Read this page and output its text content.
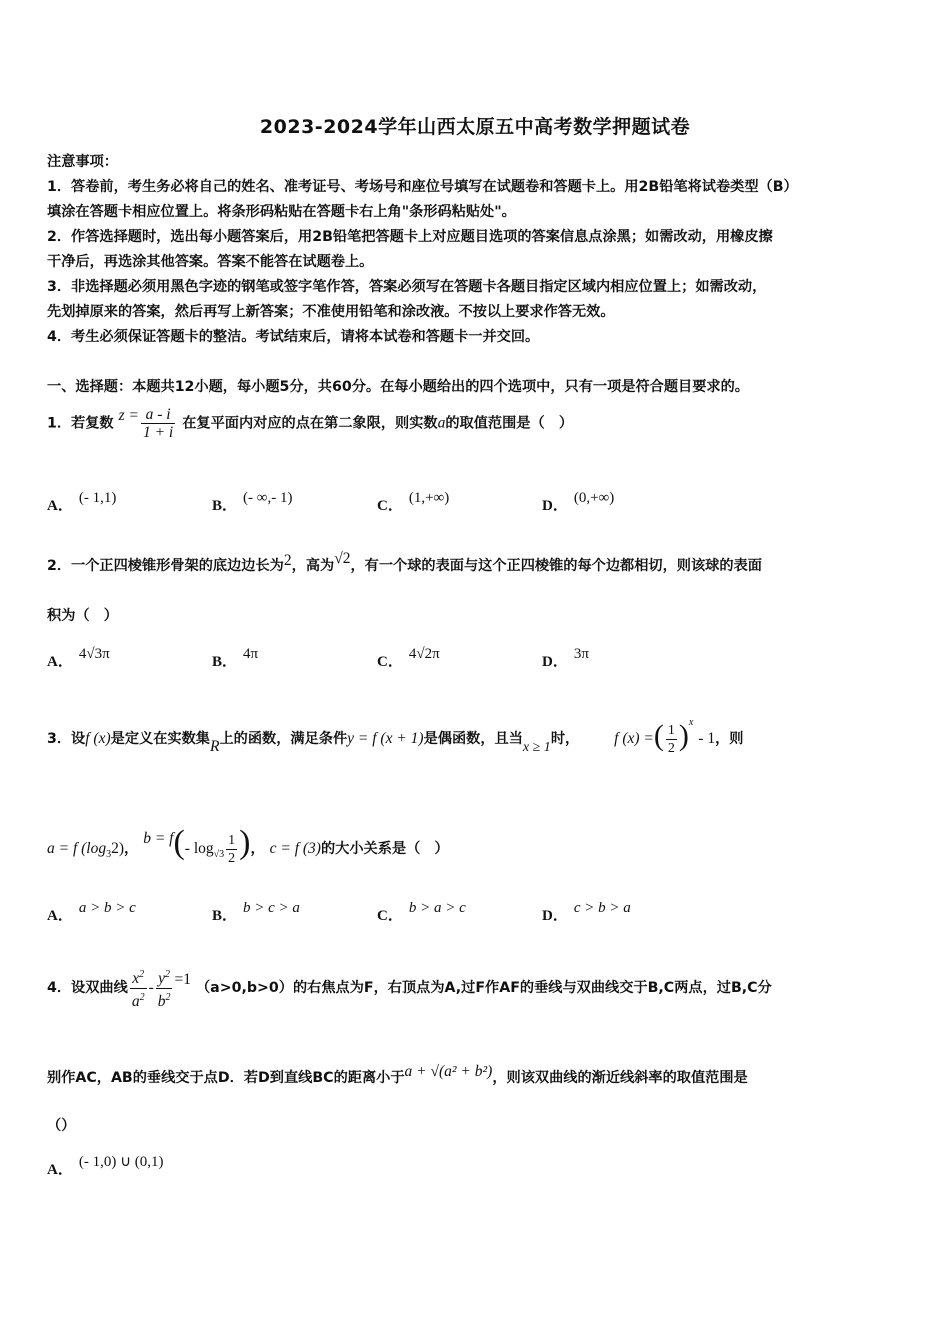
2023-2024学年山西太原五中高考数学押题试卷
注意事项：
1．答卷前，考生务必将自己的姓名、准考证号、考场号和座位号填写在试题卷和答题卡上。用2B铅笔将试卷类型（B）
填涂在答题卡相应位置上。将条形码粘贴在答题卡右上角"条形码粘贴处"。
2．作答选择题时，选出每小题答案后，用2B铅笔把答题卡上对应题目选项的答案信息点涂黑；如需改动，用橡皮擦
干净后，再选涂其他答案。答案不能答在试题卷上。
3．非选择题必须用黑色字迹的钢笔或签字笔作答，答案必须写在答题卡各题目指定区域内相应位置上；如需改动，
先划掉原来的答案，然后再写上新答案；不准使用铅笔和涂改液。不按以上要求作答无效。
4．考生必须保证答题卡的整洁。考试结束后，请将本试卷和答题卡一并交回。
一、选择题：本题共12小题，每小题5分，共60分。在每小题给出的四个选项中，只有一项是符合题目要求的。
1．若复数 $z = \frac{a - i}{1 + i}$ 在复平面内对应的点在第二象限，则实数a的取值范围是（　）
A． (- 1,1)	B． (- ∞,- 1)	C． (1,+∞)	D． (0,+∞)
2．一个正四棱锥形骨架的底边边长为2，高为√2，有一个球的表面与这个正四棱锥的每个边都相切，则该球的表面
积为（　）
A． 4√3π	B． 4π	C． 4√2π	D． 3π
3．设f (x)是定义在实数集R上的函数，满足条件y = f (x + 1)是偶函数，且当x ≥ 1时， f (x) =( $\frac{1}{2} )^x - 1$，则
a = f $(\log_32)$， b = f(- $\log_{√3} \frac{1}{2}$ )， c = f (3)的大小关系是（　）
A． a > b > c	B． b > c > a	C． b > a > c	D． c > b > a
4．设双曲线 $\frac{x^2}{a^2} - \frac{y^2}{b^2} =1$ （a>0,b>0）的右焦点为F，右顶点为A,过F作AF的垂线与双曲线交于B,C两点，过B,C分
别作AC，AB的垂线交于点D．若D到直线BC的距离小于a + √(a² + b²)，则该双曲线的渐近线斜率的取值范围是
（）
A． (- 1,0) ∪ (0,1)
